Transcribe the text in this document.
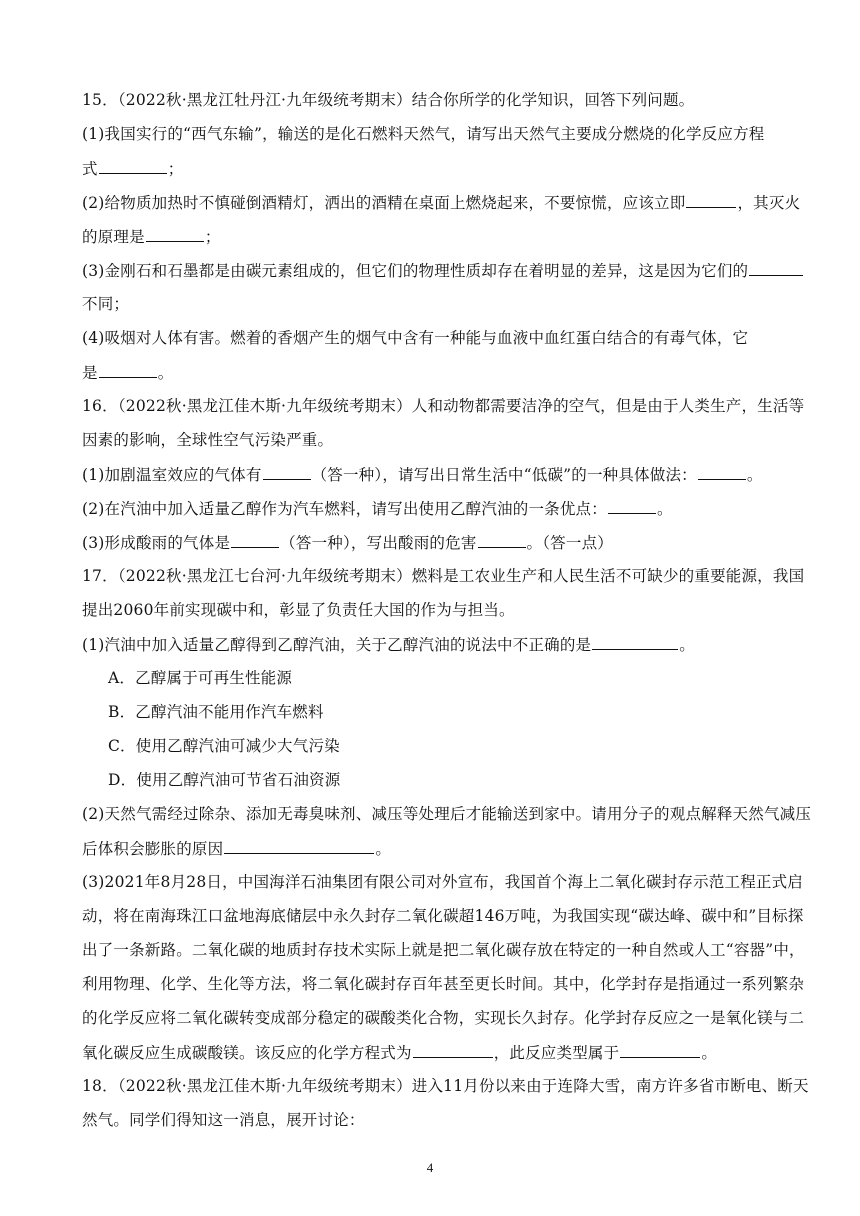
15．（2022秋·黑龙江牡丹江·九年级统考期末）结合你所学的化学知识，回答下列问题。
(1)我国实行的“西气东输”，输送的是化石燃料天然气，请写出天然气主要成分燃烧的化学反应方程
式	；
(2)给物质加热时不慎碰倒酒精灯，洒出的酒精在桌面上燃烧起来，不要惊慌，应该立即	，其灭火
的原理是	；
(3)金刚石和石墨都是由碳元素组成的，但它们的物理性质却存在着明显的差异，这是因为它们的
不同；
(4)吸烟对人体有害。燃着的香烟产生的烟气中含有一种能与血液中血红蛋白结合的有毒气体，它
是	。
16．（2022秋·黑龙江佳木斯·九年级统考期末）人和动物都需要洁净的空气，但是由于人类生产，生活等
因素的影响，全球性空气污染严重。
(1)加剧温室效应的气体有	（答一种），请写出日常生活中“低碳”的一种具体做法：	。
(2)在汽油中加入适量乙醇作为汽车燃料，请写出使用乙醇汽油的一条优点：	。
(3)形成酸雨的气体是	（答一种），写出酸雨的危害	。（答一点）
17．（2022秋·黑龙江七台河·九年级统考期末）燃料是工农业生产和人民生活不可缺少的重要能源，我国
提出2060年前实现碳中和，彰显了负责任大国的作为与担当。
(1)汽油中加入适量乙醇得到乙醇汽油，关于乙醇汽油的说法中不正确的是	。
A．乙醇属于可再生性能源
B．乙醇汽油不能用作汽车燃料
C．使用乙醇汽油可减少大气污染
D．使用乙醇汽油可节省石油资源
(2)天然气需经过除杂、添加无毒臭味剂、减压等处理后才能输送到家中。请用分子的观点解释天然气减压
后体积会膨胀的原因	。
(3)2021年8月28日，中国海洋石油集团有限公司对外宣布，我国首个海上二氧化碳封存示范工程正式启
动，将在南海珠江口盆地海底储层中永久封存二氧化碳超146万吨，为我国实现“碳达峰、碳中和”目标探
出了一条新路。二氧化碳的地质封存技术实际上就是把二氧化碳存放在特定的一种自然或人工“容器”中，
利用物理、化学、生化等方法，将二氧化碳封存百年甚至更长时间。其中，化学封存是指通过一系列繁杂
的化学反应将二氧化碳转变成部分稳定的碳酸类化合物，实现长久封存。化学封存反应之一是氧化镁与二
氧化碳反应生成碳酸镁。该反应的化学方程式为	，此反应类型属于	。
18．（2022秋·黑龙江佳木斯·九年级统考期末）进入11月份以来由于连降大雪，南方许多省市断电、断天
然气。同学们得知这一消息，展开讨论：
4
